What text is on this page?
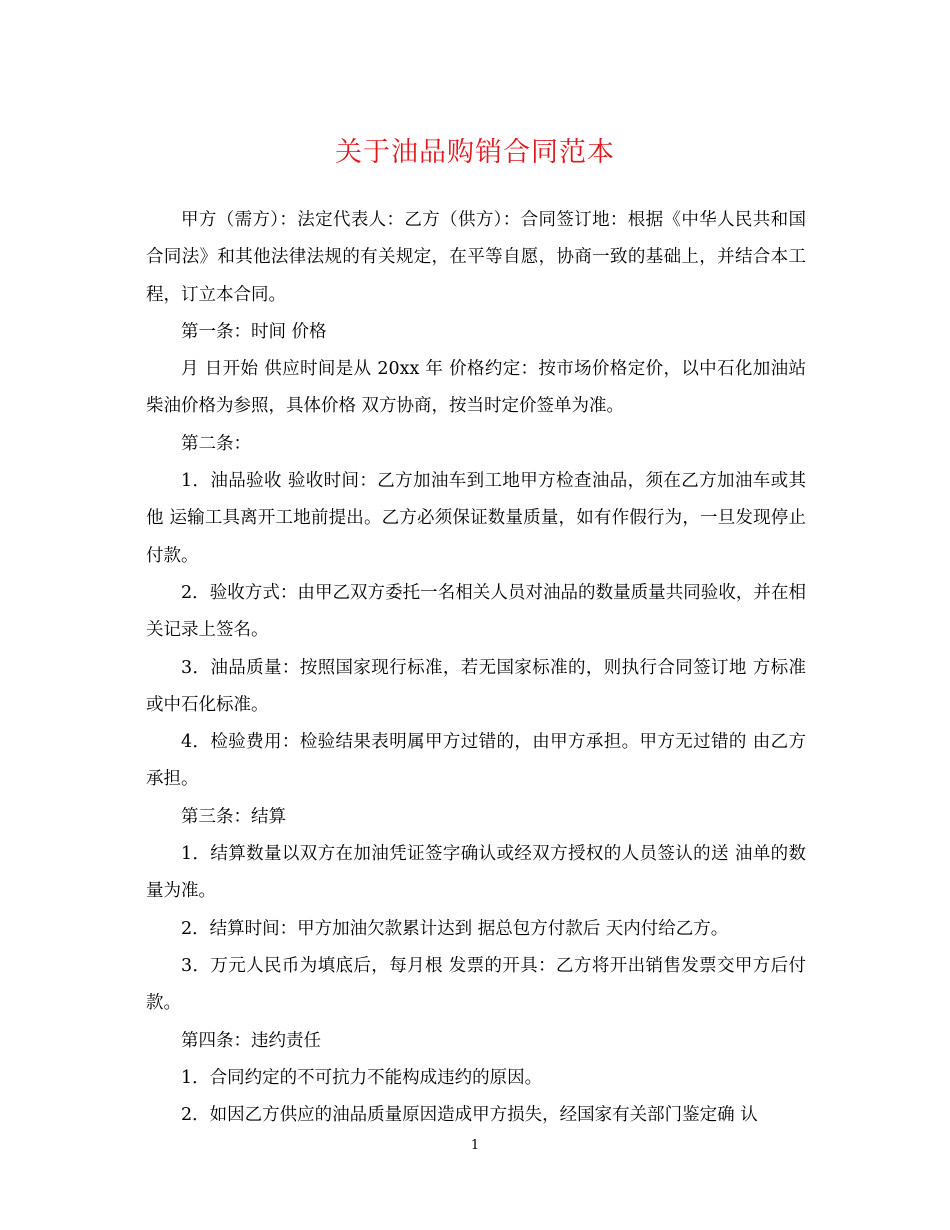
关于油品购销合同范本

甲方（需方）：法定代表人：乙方（供方）：合同签订地：根据《中华人民共和国合同法》和其他法律法规的有关规定，在平等自愿，协商一致的基础上，并结合本工程，订立本合同。

第一条：时间 价格

月 日开始 供应时间是从 20xx 年 价格约定：按市场价格定价，以中石化加油站柴油价格为参照，具体价格 双方协商，按当时定价签单为准。

第二条：

1．油品验收 验收时间：乙方加油车到工地甲方检查油品，须在乙方加油车或其他 运输工具离开工地前提出。乙方必须保证数量质量，如有作假行为，一旦发现停止付款。

2．验收方式：由甲乙双方委托一名相关人员对油品的数量质量共同验收，并在相关记录上签名。

3．油品质量：按照国家现行标准，若无国家标准的，则执行合同签订地 方标准或中石化标准。

4．检验费用：检验结果表明属甲方过错的，由甲方承担。甲方无过错的 由乙方承担。

第三条：结算

1．结算数量以双方在加油凭证签字确认或经双方授权的人员签认的送 油单的数量为准。

2．结算时间：甲方加油欠款累计达到 据总包方付款后 天内付给乙方。

3．万元人民币为填底后，每月根 发票的开具：乙方将开出销售发票交甲方后付款。

第四条：违约责任

1．合同约定的不可抗力不能构成违约的原因。

2．如因乙方供应的油品质量原因造成甲方损失，经国家有关部门鉴定确 认

1
